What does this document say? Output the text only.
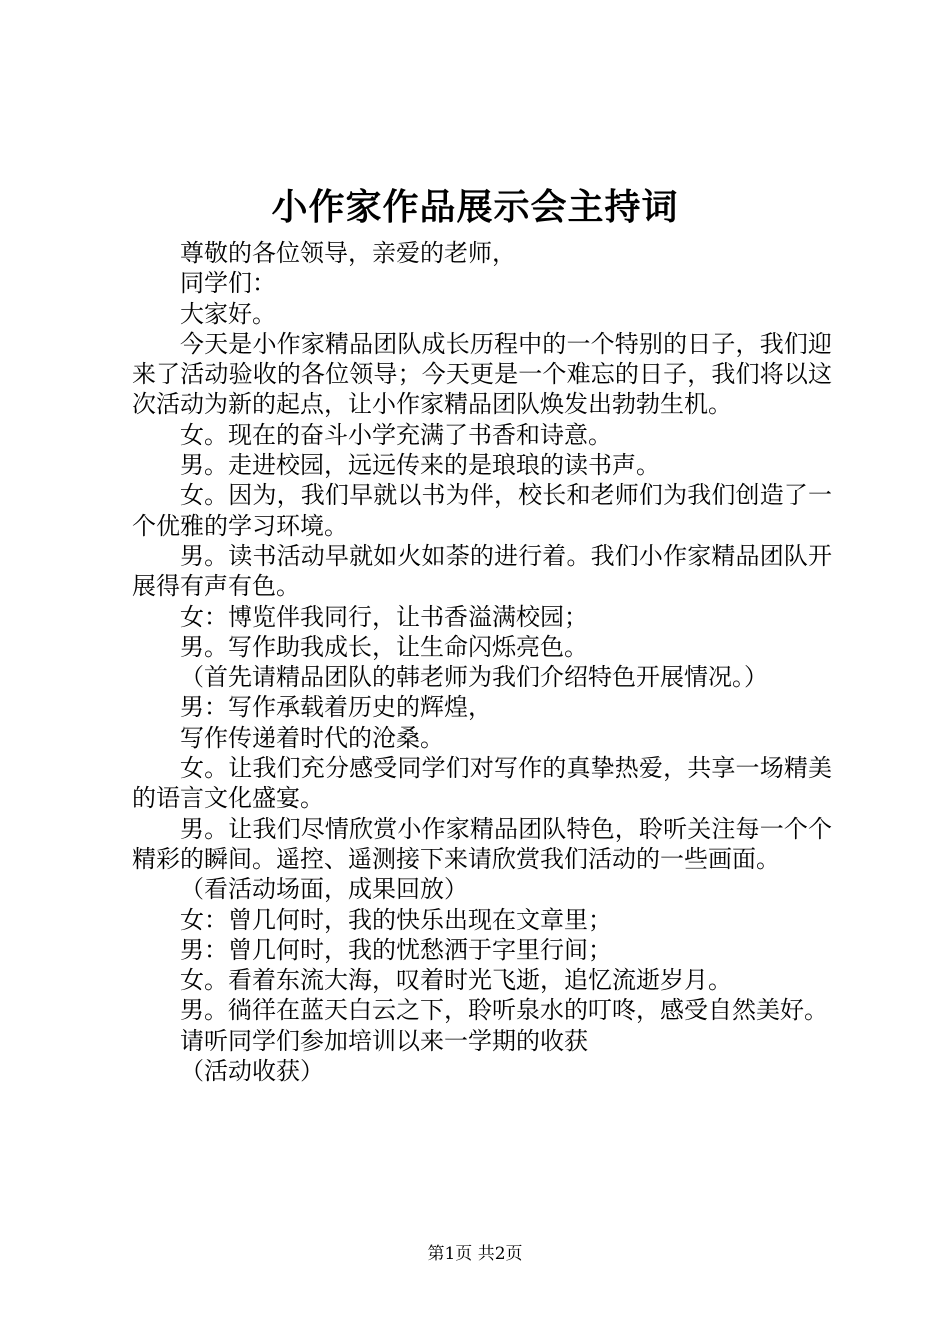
小作家作品展示会主持词

尊敬的各位领导，亲爱的老师，

同学们：

大家好。

今天是小作家精品团队成长历程中的一个特别的日子，我们迎来了活动验收的各位领导；今天更是一个难忘的日子，我们将以这次活动为新的起点，让小作家精品团队焕发出勃勃生机。

女。现在的奋斗小学充满了书香和诗意。

男。走进校园，远远传来的是琅琅的读书声。

女。因为，我们早就以书为伴，校长和老师们为我们创造了一个优雅的学习环境。

男。读书活动早就如火如荼的进行着。我们小作家精品团队开展得有声有色。

女：博览伴我同行，让书香溢满校园；

男。写作助我成长，让生命闪烁亮色。

（首先请精品团队的韩老师为我们介绍特色开展情况。）

男：写作承载着历史的辉煌，

写作传递着时代的沧桑。

女。让我们充分感受同学们对写作的真挚热爱，共享一场精美的语言文化盛宴。

男。让我们尽情欣赏小作家精品团队特色，聆听关注每一个个精彩的瞬间。遥控、遥测接下来请欣赏我们活动的一些画面。

（看活动场面，成果回放）

女：曾几何时，我的快乐出现在文章里；

男：曾几何时，我的忧愁洒于字里行间；

女。看着东流大海，叹着时光飞逝，追忆流逝岁月。

男。徜徉在蓝天白云之下，聆听泉水的叮咚，感受自然美好。

请听同学们参加培训以来一学期的收获

（活动收获）

第1页 共2页
